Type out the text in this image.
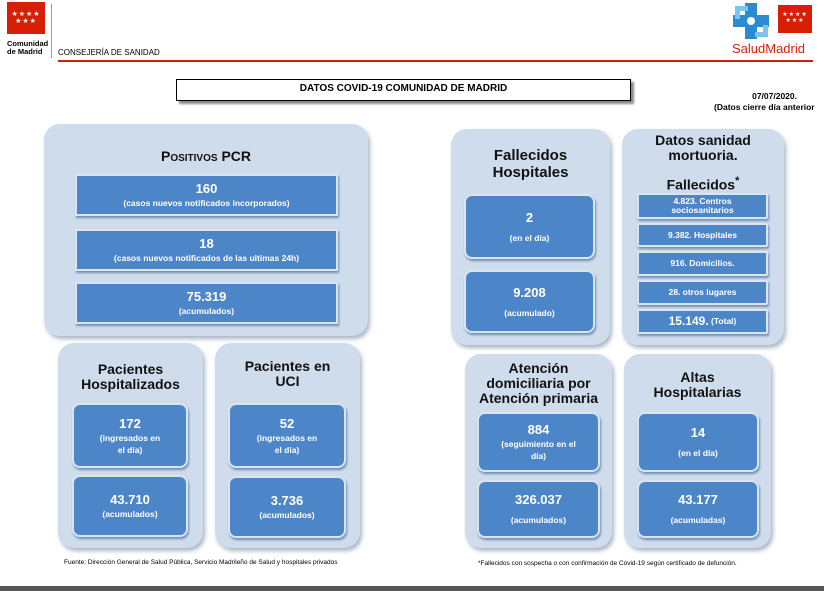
★★★★
★★★
Comunidad
de Madrid CONSEJERÍA DE SANIDAD
★★★★
★★★
SaludMadrid
DATOS COVID-19 COMUNIDAD DE MADRID
07/07/2020.
(Datos cierre día anterior
Positivos PCR
160
(casos nuevos notificados incorporados)
18
(casos nuevos notificados de las ultimas 24h)
75.319
(acumulados)
Pacientes
Hospitalizados
172
(ingresados en
el día)
43.710
(acumulados)
Pacientes en
UCI
52
(ingresados en
el día)
3.736
(acumulados)
Fallecidos
Hospitales
2
(en el día)
9.208
(acumulado)
Datos sanidad
mortuoria.
Fallecidos*
4.823. Centros
sociosanitarios
9.382. Hospitales
916. Domicilios.
28. otros lugares
15.149.
(Total)
Atención
domiciliaria por
Atención primaria
884
(seguimiento en el
día)
326.037
(acumulados)
Altas
Hospitalarias
14
(en el día)
43.177
(acumuladas)
Fuente: Dirección General de Salud Pública, Servicio Madrileño de Salud y hospitales privados	*Fallecidos con sospecha o con confirmación de Covid-19 según certificado de defunción.
